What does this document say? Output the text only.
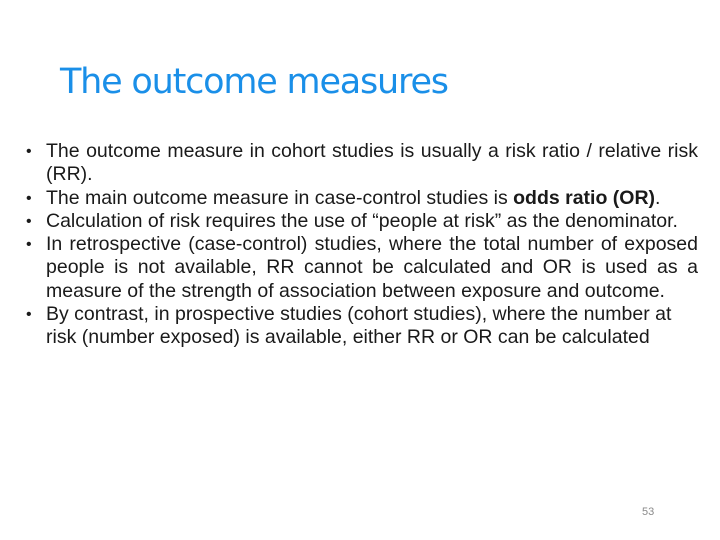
The outcome measures
• The outcome measure in cohort studies is usually a risk ratio / relative risk (RR).
• The main outcome measure in case-control studies is odds ratio (OR).
• Calculation of risk requires the use of “people at risk” as the denominator.
• In retrospective (case-control) studies, where the total number of exposed people is not available, RR cannot be calculated and OR is used as a measure of the strength of association between exposure and outcome.
• By contrast, in prospective studies (cohort studies), where the number at risk (number exposed) is available, either RR or OR can be calculated
53
